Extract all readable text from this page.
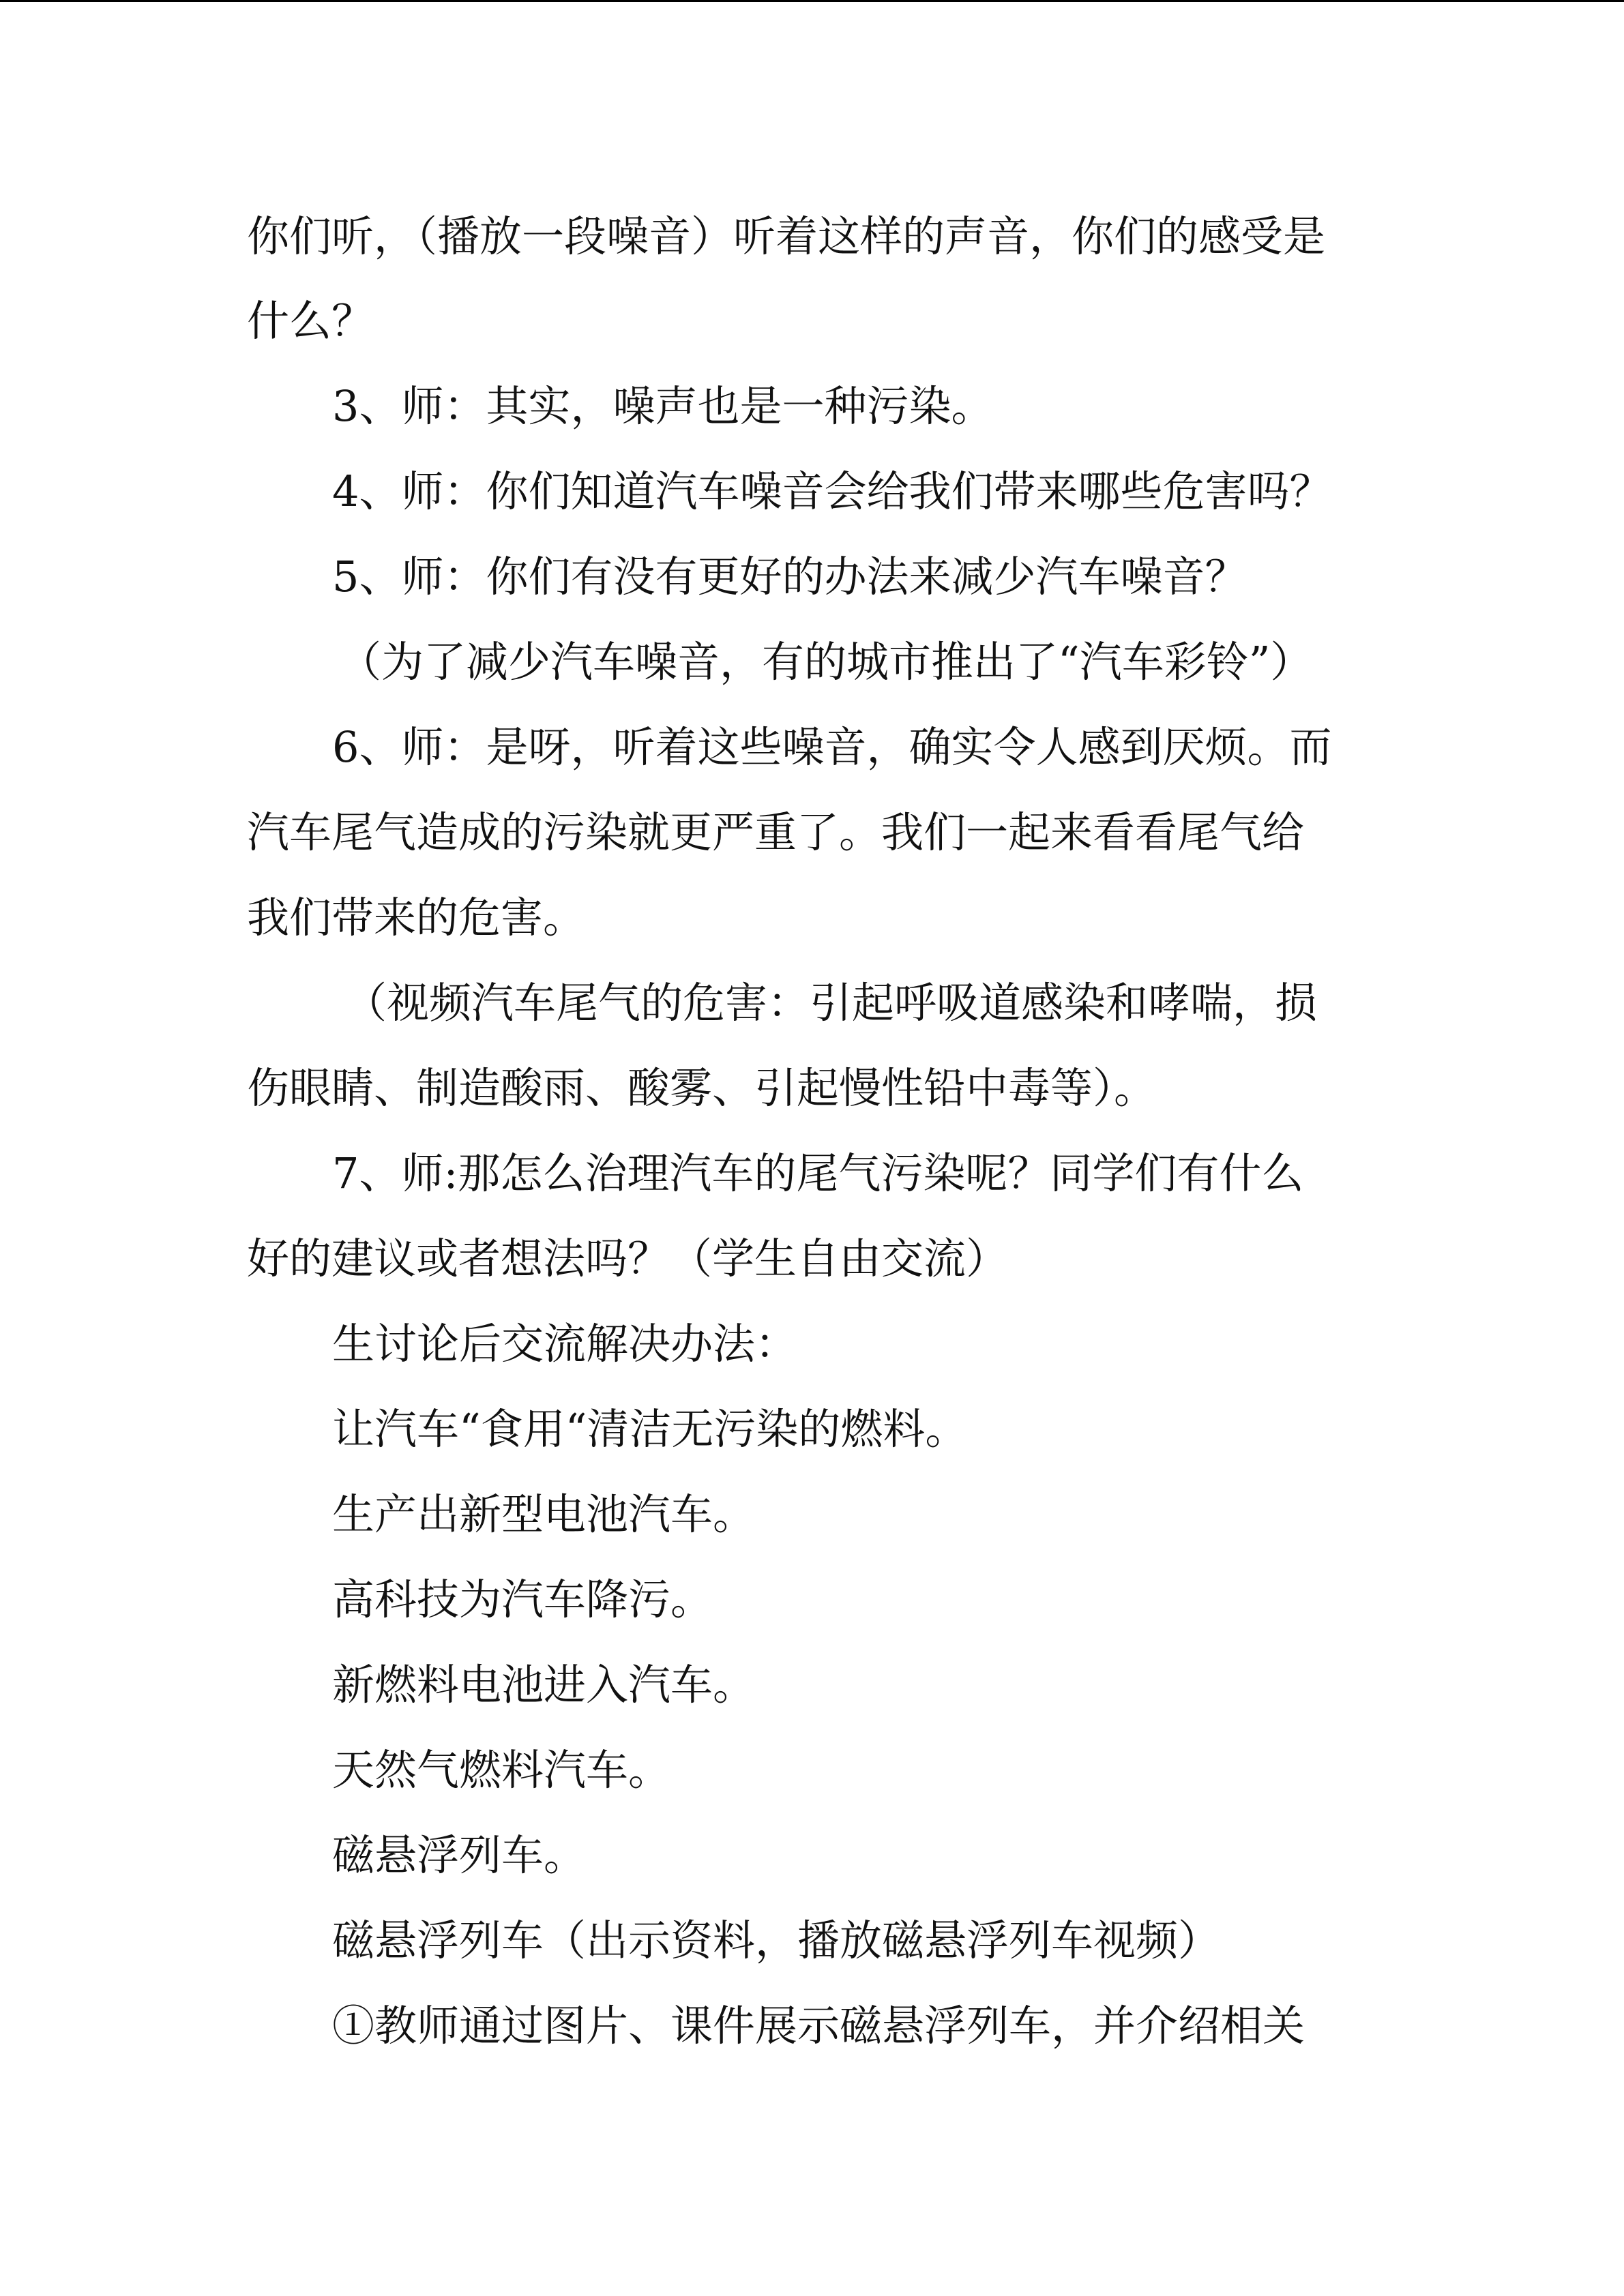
你们听，（播放一段噪音）听着这样的声音，你们的感受是

什么？

3、师：其实，噪声也是一种污染。

4、师：你们知道汽车噪音会给我们带来哪些危害吗？

5、师：你们有没有更好的办法来减少汽车噪音？

（为了减少汽车噪音，有的城市推出了“汽车彩铃”）

6、师：是呀，听着这些噪音，确实令人感到厌烦。而

汽车尾气造成的污染就更严重了。我们一起来看看尾气给

我们带来的危害。

（视频汽车尾气的危害：引起呼吸道感染和哮喘，损

伤眼睛、制造酸雨、酸雾、引起慢性铅中毒等）。

7、师:那怎么治理汽车的尾气污染呢？同学们有什么

好的建议或者想法吗？（学生自由交流）

生讨论后交流解决办法：

让汽车“食用“清洁无污染的燃料。

生产出新型电池汽车。

高科技为汽车降污。

新燃料电池进入汽车。

天然气燃料汽车。

磁悬浮列车。

磁悬浮列车（出示资料，播放磁悬浮列车视频）

①教师通过图片、课件展示磁悬浮列车，并介绍相关
